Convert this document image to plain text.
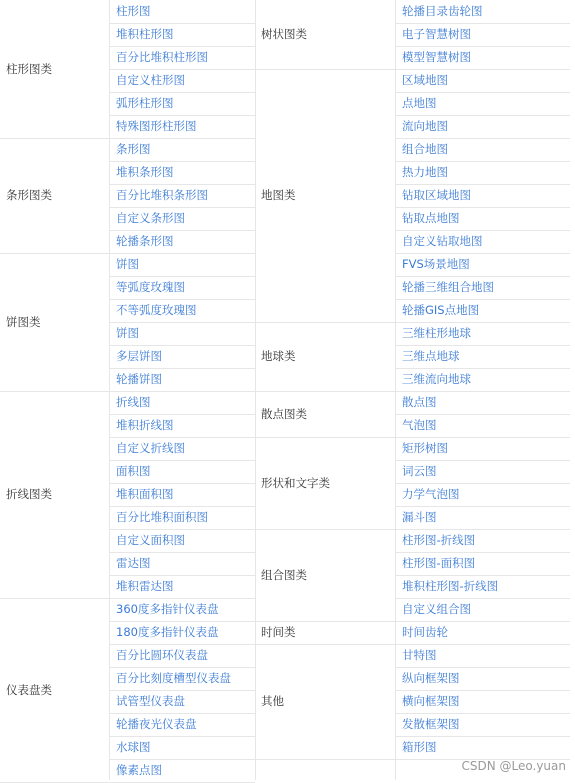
柱形图类
柱形图
堆积柱形图
百分比堆积柱形图
自定义柱形图
弧形柱形图
特殊图形柱形图
条形图类
条形图
堆积条形图
百分比堆积条形图
自定义条形图
轮播条形图
饼图类
饼图
等弧度玫瑰图
不等弧度玫瑰图
饼图
多层饼图
轮播饼图
折线图类
折线图
堆积折线图
自定义折线图
面积图
堆积面积图
百分比堆积面积图
自定义面积图
雷达图
堆积雷达图
仪表盘类
360度多指针仪表盘
180度多指针仪表盘
百分比圆环仪表盘
百分比刻度槽型仪表盘
试管型仪表盘
轮播夜光仪表盘
水球图
像素点图
树状图类
轮播目录齿轮图
电子智慧树图
模型智慧树图
地图类
区域地图
点地图
流向地图
组合地图
热力地图
钻取区域地图
钻取点地图
自定义钻取地图
FVS场景地图
轮播三维组合地图
轮播GIS点地图
地球类
三维柱形地球
三维点地球
三维流向地球
散点图类
散点图
气泡图
形状和文字类
矩形树图
词云图
力学气泡图
漏斗图
组合图类
柱形图-折线图
柱形图-面积图
堆积柱形图-折线图
自定义组合图
时间类	时间齿轮
其他
甘特图
纵向框架图
横向框架图
发散框架图
箱形图
CSDN @Leo.yuan
